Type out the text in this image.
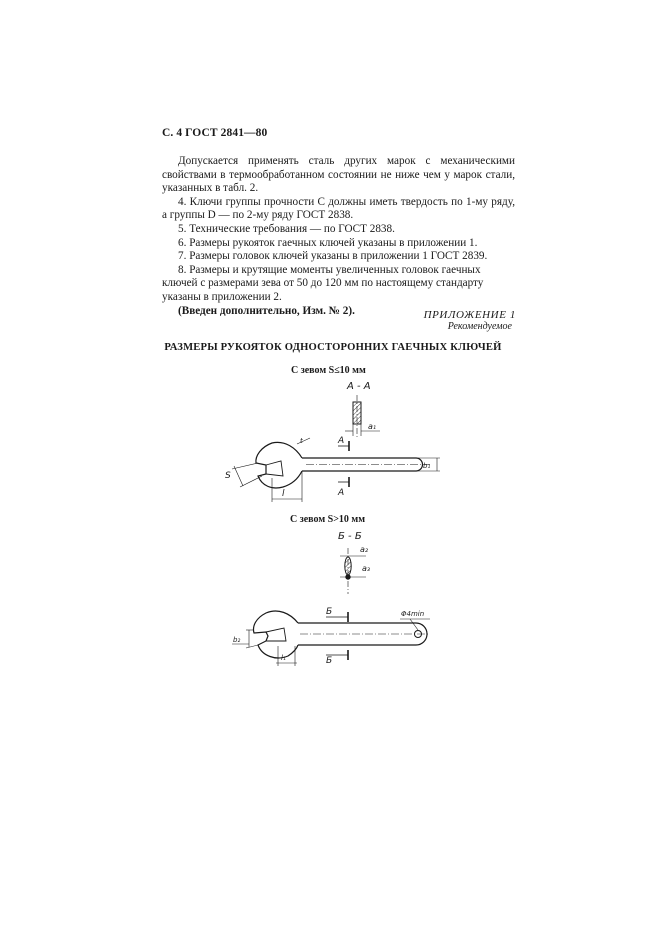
С. 4 ГОСТ 2841—80

Допускается применять сталь других марок с механическими свойствами в термообработанном состоянии не ниже чем у марок стали, указанных в табл. 2.

4. Ключи группы прочности С должны иметь твердость по 1-му ряду, а группы D — по 2-му ряду ГОСТ 2838.

5. Технические требования — по ГОСТ 2838.

6. Размеры рукояток гаечных ключей указаны в приложении 1.

7. Размеры головок ключей указаны в приложении 1 ГОСТ 2839.

8. Размеры и крутящие моменты увеличенных головок гаечных ключей с размерами зева от 50 до 120 мм по настоящему стандарту указаны в приложении 2.

(Введен дополнительно, Изм. № 2).	ПРИЛОЖЕНИЕ 1
Рекомендуемое
РАЗМЕРЫ РУКОЯТОК ОДНОСТОРОННИХ ГАЕЧНЫХ КЛЮЧЕЙ
С зевом S≤10 мм
С зевом S>10 мм
А - А
a₁
А
А
t
S
b₁
l
Б - Б
a₂
a₃
Б
Б
Φ4min
b₂
l₁
